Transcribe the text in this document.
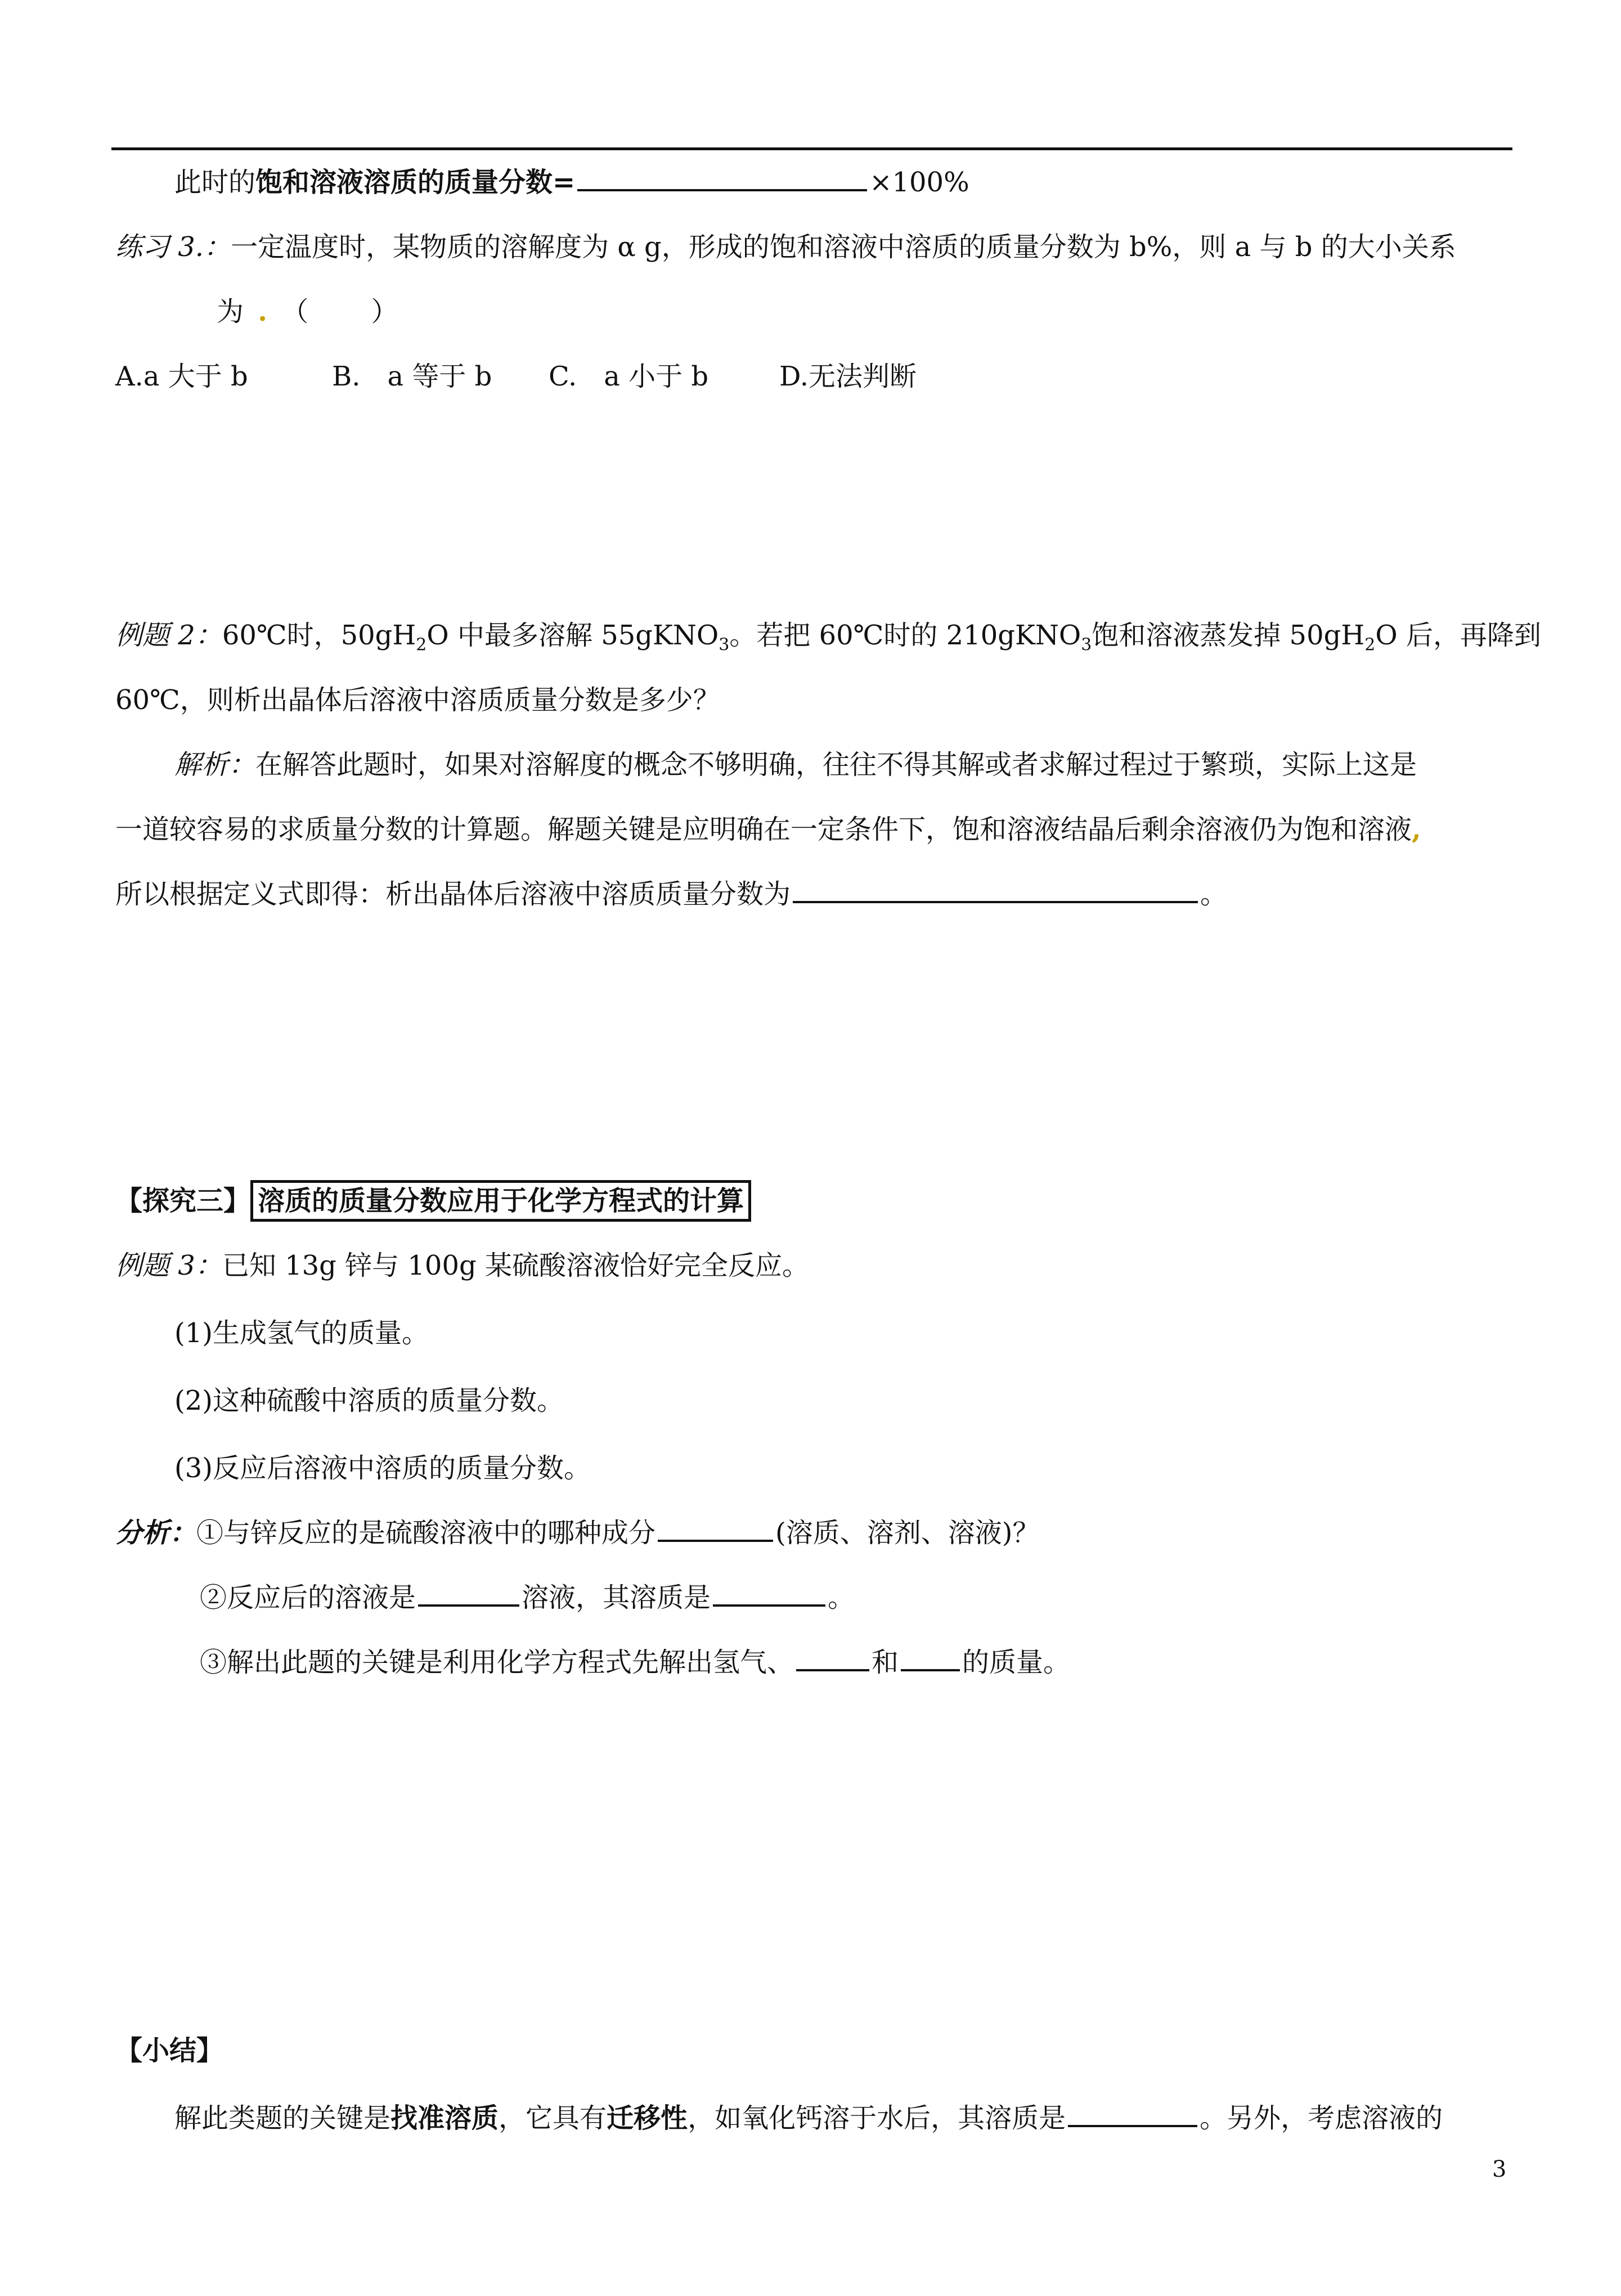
此时的饱和溶液溶质的质量分数=	×100%
练习 3.：一定温度时，某物质的溶解度为 α g，形成的饱和溶液中溶质的质量分数为 b%，则 a 与 b 的大小关系
为 . （　　 ）
A.a 大于 b	B.　a 等于 b C.　a 小于 b	D.无法判断
例题 2：60℃时，$50gH_2O$ 中最多溶解 55gKNO$_3$。若把 60℃时的 210gKNO$_3$饱和溶液蒸发掉 $50gH_2O$ 后，再降到
60℃，则析出晶体后溶液中溶质质量分数是多少？
解析：在解答此题时，如果对溶解度的概念不够明确，往往不得其解或者求解过程过于繁琐，实际上这是
一道较容易的求质量分数的计算题。解题关键是应明确在一定条件下，饱和溶液结晶后剩余溶液仍为饱和溶液,
所以根据定义式即得：析出晶体后溶液中溶质质量分数为	。
【探究三】 溶质的质量分数应用于化学方程式的计算
例题 3：已知 13g 锌与 100g 某硫酸溶液恰好完全反应。
(1)生成氢气的质量。
(2)这种硫酸中溶质的质量分数。
(3)反应后溶液中溶质的质量分数。
分析：①与锌反应的是硫酸溶液中的哪种成分	(溶质、溶剂、溶液)？
②反应后的溶液是	溶液，其溶质是	。
③解出此题的关键是利用化学方程式先解出氢气、	和 的质量。
【小结】
解此类题的关键是找准溶质，它具有迁移性，如氧化钙溶于水后，其溶质是	。另外，考虑溶液的
3
